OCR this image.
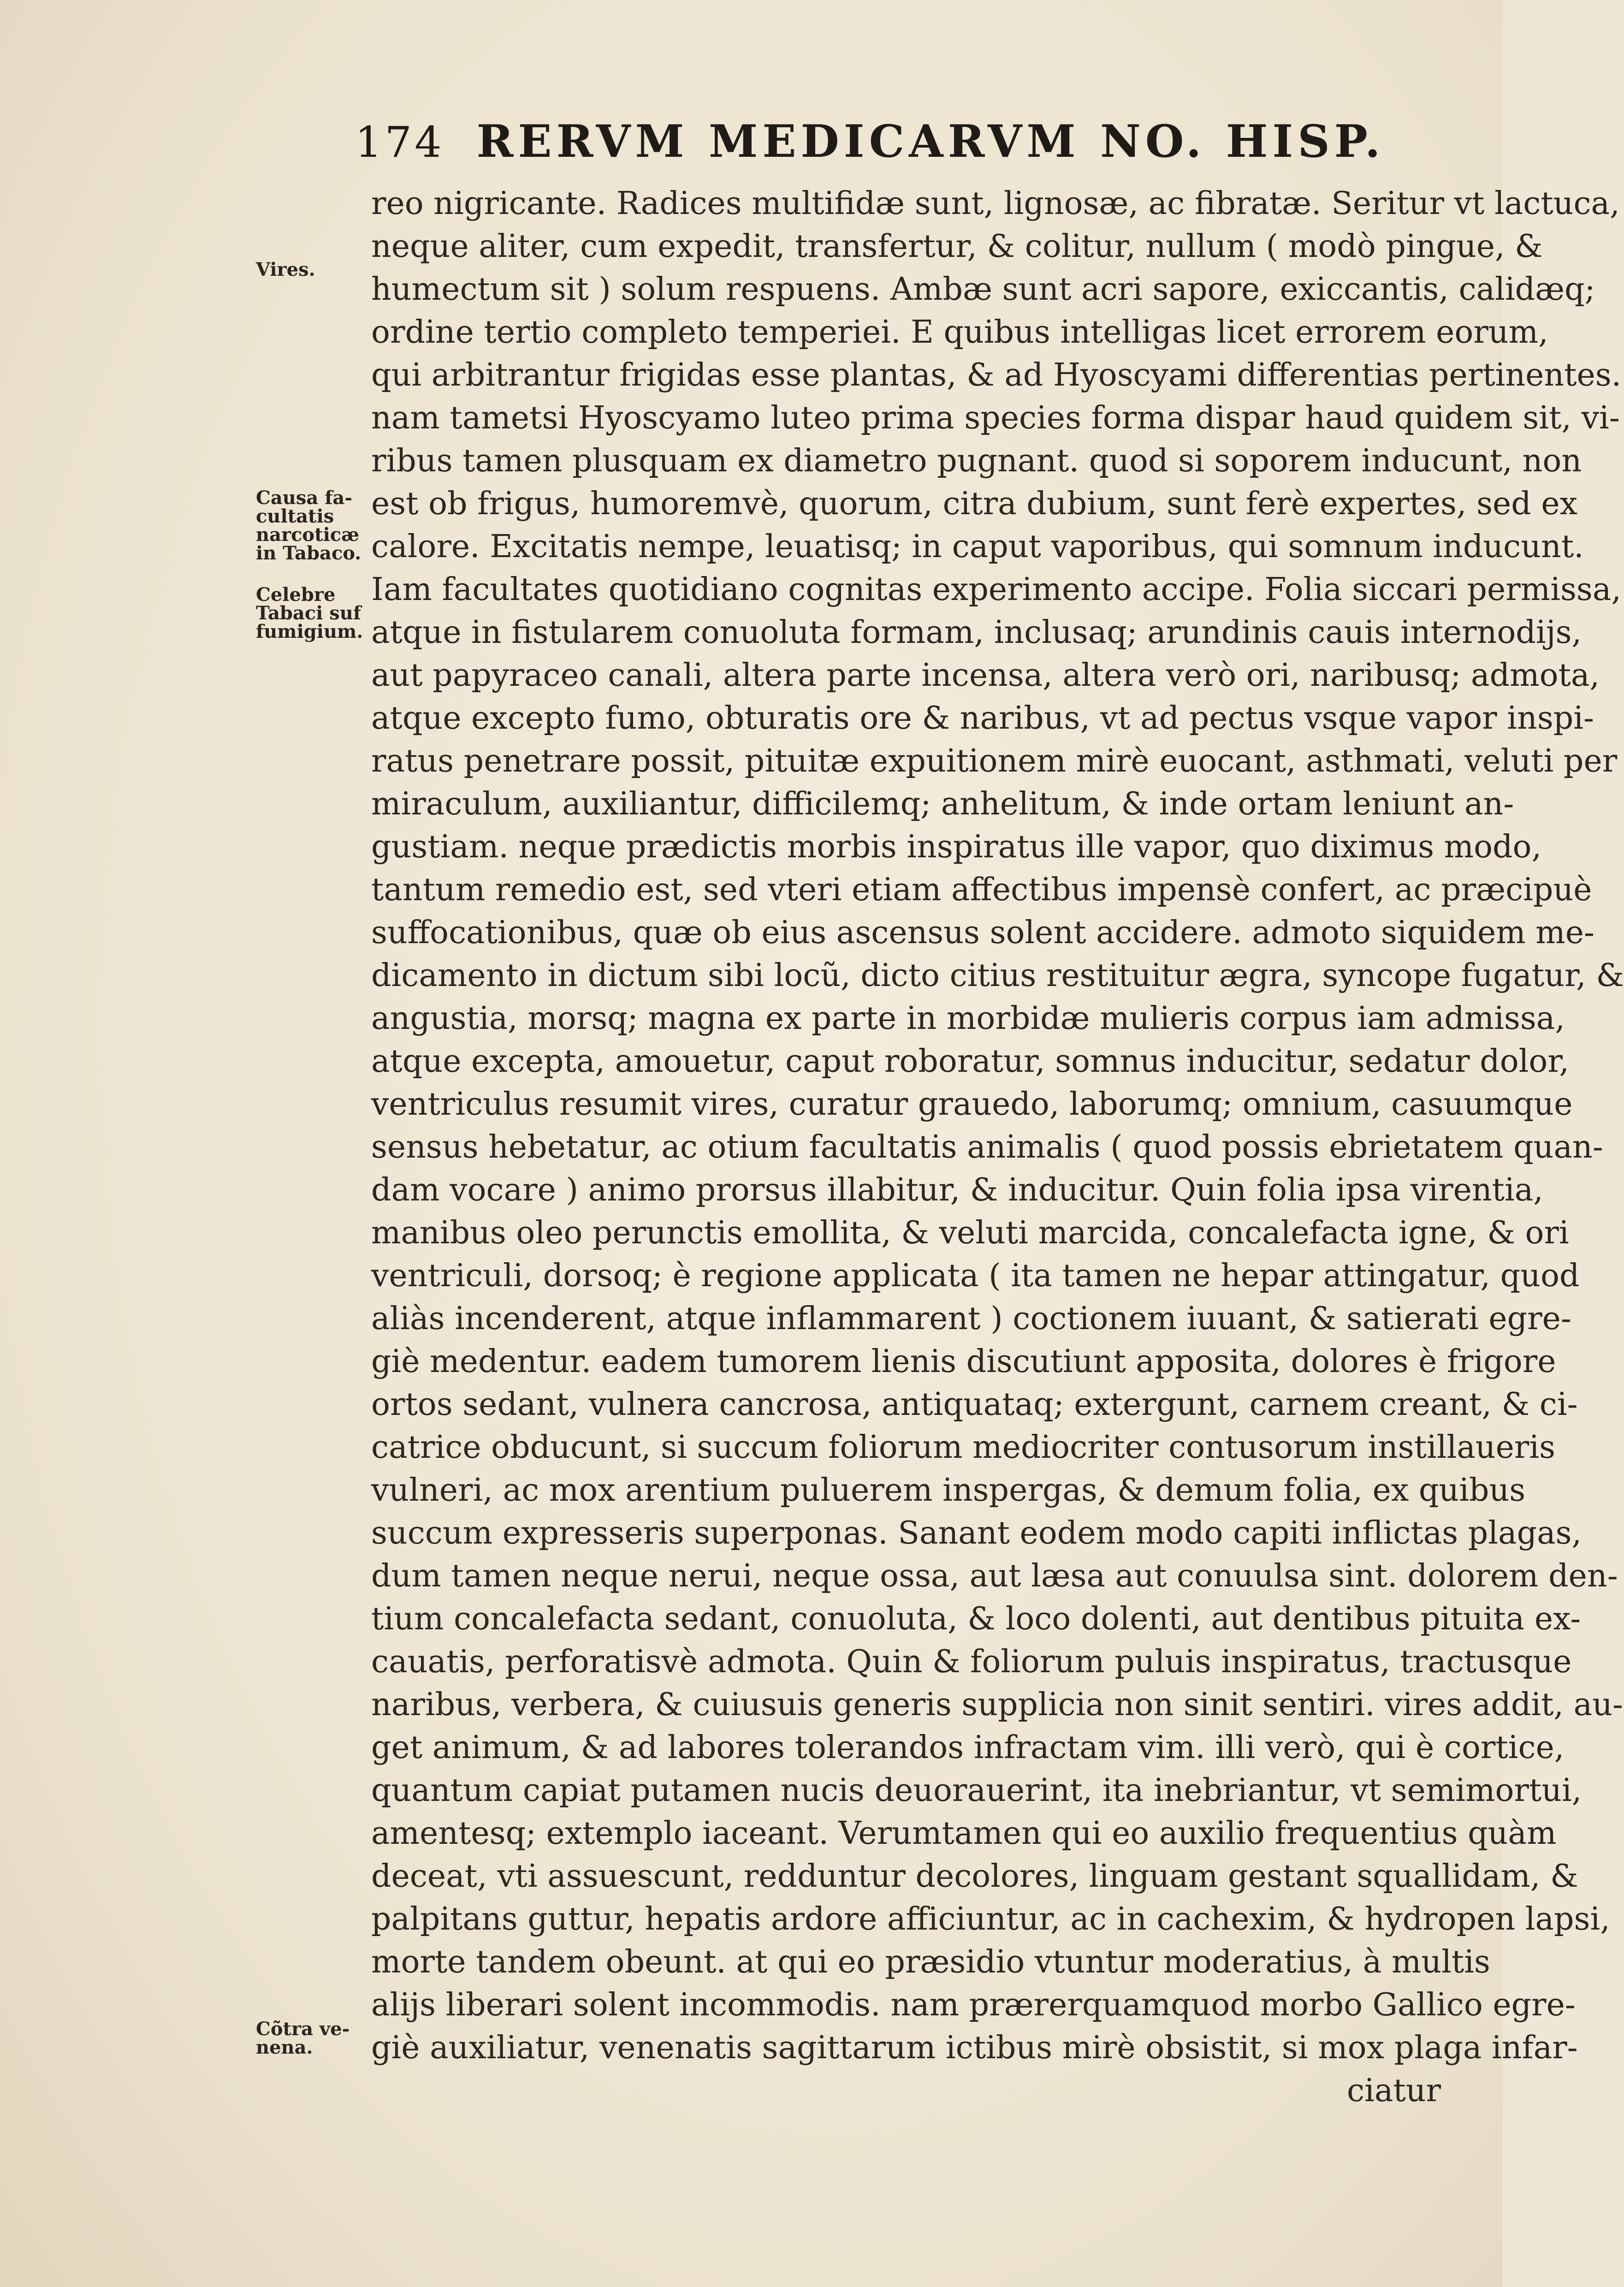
174 RERVM MEDICARVM NO. HISP.
Vires.
Causa fa-
cultatis
narcoticæ
in Tabaco.
Celebre
Tabaci suf
fumigium.
Cõtra ve-
nena.
reo nigricante. Radices multifidæ sunt, lignosæ, ac fibratæ. Seritur vt lactuca,
neque aliter, cum expedit, transfertur, & colitur, nullum ( modò pingue, &
humectum sit ) solum respuens. Ambæ sunt acri sapore, exiccantis, calidæq;
ordine tertio completo temperiei. E quibus intelligas licet errorem eorum,
qui arbitrantur frigidas esse plantas, & ad Hyoscyami differentias pertinentes.
nam tametsi Hyoscyamo luteo prima species forma dispar haud quidem sit, vi-
ribus tamen plusquam ex diametro pugnant. quod si soporem inducunt, non
est ob frigus, humoremvè, quorum, citra dubium, sunt ferè expertes, sed ex
calore. Excitatis nempe, leuatisq; in caput vaporibus, qui somnum inducunt.
Iam facultates quotidiano cognitas experimento accipe. Folia siccari permissa,
atque in fistularem conuoluta formam, inclusaq; arundinis cauis internodijs,
aut papyraceo canali, altera parte incensa, altera verò ori, naribusq; admota,
atque excepto fumo, obturatis ore & naribus, vt ad pectus vsque vapor inspi-
ratus penetrare possit, pituitæ expuitionem mirè euocant, asthmati, veluti per
miraculum, auxiliantur, difficilemq; anhelitum, & inde ortam leniunt an-
gustiam. neque prædictis morbis inspiratus ille vapor, quo diximus modo,
tantum remedio est, sed vteri etiam affectibus impensè confert, ac præcipuè
suffocationibus, quæ ob eius ascensus solent accidere. admoto siquidem me-
dicamento in dictum sibi locũ, dicto citius restituitur ægra, syncope fugatur, &
angustia, morsq; magna ex parte in morbidæ mulieris corpus iam admissa,
atque excepta, amouetur, caput roboratur, somnus inducitur, sedatur dolor,
ventriculus resumit vires, curatur grauedo, laborumq; omnium, casuumque
sensus hebetatur, ac otium facultatis animalis ( quod possis ebrietatem quan-
dam vocare ) animo prorsus illabitur, & inducitur. Quin folia ipsa virentia,
manibus oleo perunctis emollita, & veluti marcida, concalefacta igne, & ori
ventriculi, dorsoq; è regione applicata ( ita tamen ne hepar attingatur, quod
aliàs incenderent, atque inflammarent ) coctionem iuuant, & satierati egre-
giè medentur. eadem tumorem lienis discutiunt apposita, dolores è frigore
ortos sedant, vulnera cancrosa, antiquataq; extergunt, carnem creant, & ci-
catrice obducunt, si succum foliorum mediocriter contusorum instillaueris
vulneri, ac mox arentium puluerem inspergas, & demum folia, ex quibus
succum expresseris superponas. Sanant eodem modo capiti inflictas plagas,
dum tamen neque nerui, neque ossa, aut læsa aut conuulsa sint. dolorem den-
tium concalefacta sedant, conuoluta, & loco dolenti, aut dentibus pituita ex-
cauatis, perforatisvè admota. Quin & foliorum puluis inspiratus, tractusque
naribus, verbera, & cuiusuis generis supplicia non sinit sentiri. vires addit, au-
get animum, & ad labores tolerandos infractam vim. illi verò, qui è cortice,
quantum capiat putamen nucis deuorauerint, ita inebriantur, vt semimortui,
amentesq; extemplo iaceant. Verumtamen qui eo auxilio frequentius quàm
deceat, vti assuescunt, redduntur decolores, linguam gestant squallidam, &
palpitans guttur, hepatis ardore afficiuntur, ac in cachexim, & hydropen lapsi,
morte tandem obeunt. at qui eo præsidio vtuntur moderatius, à multis
alijs liberari solent incommodis. nam prærerquamquod morbo Gallico egre-
giè auxiliatur, venenatis sagittarum ictibus mirè obsistit, si mox plaga infar-
ciatur
